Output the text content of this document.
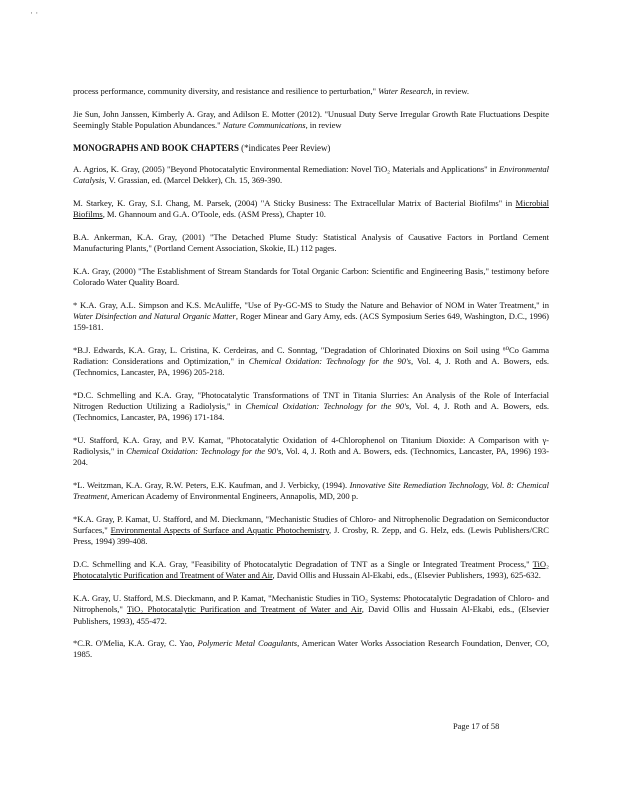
· ·

process performance, community diversity, and resistance and resilience to perturbation," Water Research, in review.

Jie Sun, John Janssen, Kimberly A. Gray, and Adilson E. Motter (2012). "Unusual Duty Serve Irregular Growth Rate Fluctuations Despite Seemingly Stable Population Abundances." Nature Communications, in review

MONOGRAPHS AND BOOK CHAPTERS (*indicates Peer Review)

A. Agrios, K. Gray, (2005) "Beyond Photocatalytic Environmental Remediation: Novel TiO₂ Materials and Applications" in Environmental Catalysis, V. Grassian, ed. (Marcel Dekker), Ch. 15, 369-390.

M. Starkey, K. Gray, S.I. Chang, M. Parsek, (2004) "A Sticky Business: The Extracellular Matrix of Bacterial Biofilms" in Microbial Biofilms, M. Ghannoum and G.A. O'Toole, eds. (ASM Press), Chapter 10.

B.A. Ankerman, K.A. Gray, (2001) "The Detached Plume Study: Statistical Analysis of Causative Factors in Portland Cement Manufacturing Plants," (Portland Cement Association, Skokie, IL) 112 pages.

K.A. Gray, (2000) "The Establishment of Stream Standards for Total Organic Carbon: Scientific and Engineering Basis," testimony before Colorado Water Quality Board.

* K.A. Gray, A.L. Simpson and K.S. McAuliffe, "Use of Py-GC-MS to Study the Nature and Behavior of NOM in Water Treatment," in Water Disinfection and Natural Organic Matter, Roger Minear and Gary Amy, eds. (ACS Symposium Series 649, Washington, D.C., 1996) 159-181.

*B.J. Edwards, K.A. Gray, L. Cristina, K. Cerdeiras, and C. Sonntag, "Degradation of Chlorinated Dioxins on Soil using ⁶⁰Co Gamma Radiation: Considerations and Optimization," in Chemical Oxidation: Technology for the 90's, Vol. 4, J. Roth and A. Bowers, eds. (Technomics, Lancaster, PA, 1996) 205-218.

*D.C. Schmelling and K.A. Gray, "Photocatalytic Transformations of TNT in Titania Slurries: An Analysis of the Role of Interfacial Nitrogen Reduction Utilizing a Radiolysis," in Chemical Oxidation: Technology for the 90's, Vol. 4, J. Roth and A. Bowers, eds. (Technomics, Lancaster, PA, 1996) 171-184.

*U. Stafford, K.A. Gray, and P.V. Kamat, "Photocatalytic Oxidation of 4-Chlorophenol on Titanium Dioxide: A Comparison with γ-Radiolysis," in Chemical Oxidation: Technology for the 90's, Vol. 4, J. Roth and A. Bowers, eds. (Technomics, Lancaster, PA, 1996) 193-204.

*L. Weitzman, K.A. Gray, R.W. Peters, E.K. Kaufman, and J. Verbicky, (1994). Innovative Site Remediation Technology, Vol. 8: Chemical Treatment, American Academy of Environmental Engineers, Annapolis, MD, 200 p.

*K.A. Gray, P. Kamat, U. Stafford, and M. Dieckmann, "Mechanistic Studies of Chloro- and Nitrophenolic Degradation on Semiconductor Surfaces," Environmental Aspects of Surface and Aquatic Photochemistry, J. Crosby, R. Zepp, and G. Helz, eds. (Lewis Publishers/CRC Press, 1994) 399-408.

D.C. Schmelling and K.A. Gray, "Feasibility of Photocatalytic Degradation of TNT as a Single or Integrated Treatment Process," TiO₂ Photocatalytic Purification and Treatment of Water and Air, David Ollis and Hussain Al-Ekabi, eds., (Elsevier Publishers, 1993), 625-632.

K.A. Gray, U. Stafford, M.S. Dieckmann, and P. Kamat, "Mechanistic Studies in TiO₂ Systems: Photocatalytic Degradation of Chloro- and Nitrophenols," TiO₂ Photocatalytic Purification and Treatment of Water and Air, David Ollis and Hussain Al-Ekabi, eds., (Elsevier Publishers, 1993), 455-472.

*C.R. O'Melia, K.A. Gray, C. Yao, Polymeric Metal Coagulants, American Water Works Association Research Foundation, Denver, CO, 1985.

Page 17 of 58
